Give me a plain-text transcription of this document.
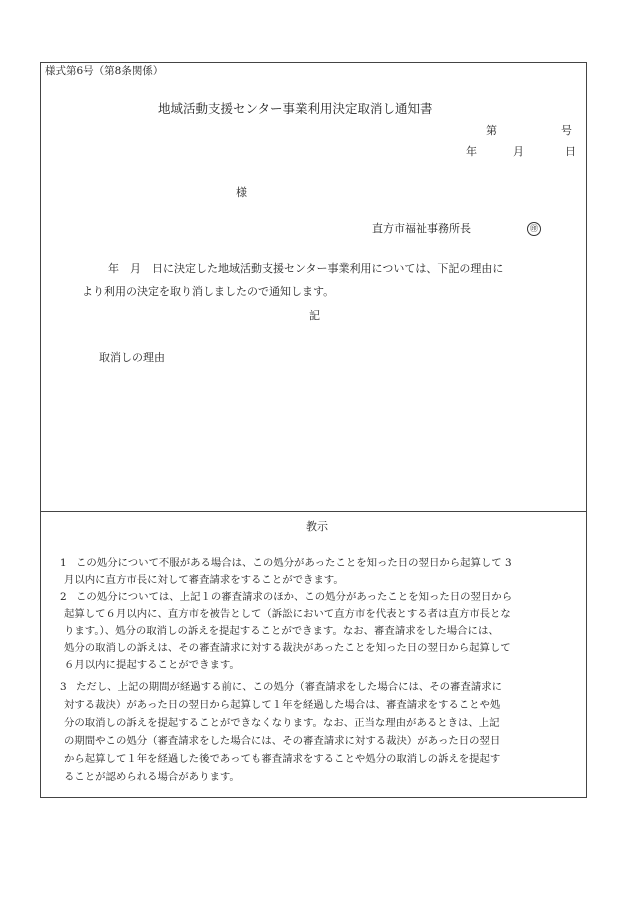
様式第6号（第8条関係）
地域活動支援センター事業利用決定取消し通知書
第	号
年	月	日
様
直方市福祉事務所長	㊞
年　月　日に決定した地域活動支援センター事業利用については、下記の理由に
より利用の決定を取り消しましたので通知します。
記
取消しの理由
教示
1 この処分について不服がある場合は、この処分があったことを知った日の翌日から起算して 3
月以内に直方市長に対して審査請求をすることができます。
2 この処分については、上記１の審査請求のほか、この処分があったことを知った日の翌日から
起算して６月以内に、直方市を被告として（訴訟において直方市を代表とする者は直方市長とな
ります。）、処分の取消しの訴えを提起することができます。なお、審査請求をした場合には、
処分の取消しの訴えは、その審査請求に対する裁決があったことを知った日の翌日から起算して
６月以内に提起することができます。
3 ただし、上記の期間が経過する前に、この処分（審査請求をした場合には、その審査請求に
対する裁決）があった日の翌日から起算して１年を経過した場合は、審査請求をすることや処
分の取消しの訴えを提起することができなくなります。なお、正当な理由があるときは、上記
の期間やこの処分（審査請求をした場合には、その審査請求に対する裁決）があった日の翌日
から起算して１年を経過した後であっても審査請求をすることや処分の取消しの訴えを提起す
ることが認められる場合があります。
